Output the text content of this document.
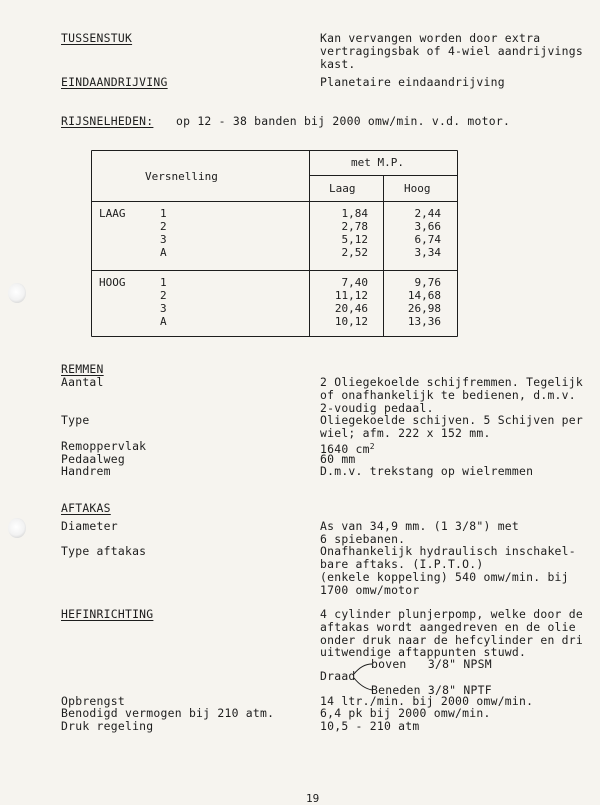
TUSSENSTUK	Kan vervangen worden door extra
vertragingsbak of 4-wiel aandrijvings
kast.
EINDAANDRIJVING	Planetaire eindaandrijving
RIJSNELHEDEN: op 12 - 38 banden bij 2000 omw/min. v.d. motor.
Versnelling
met M.P.
Laag	Hoog
LAAG	1	1,84	2,44
2	2,78	3,66
3	5,12	6,74
A	2,52	3,34
HOOG	1	7,40	9,76
2	11,12	14,68
3	20,46	26,98
A	10,12	13,36
REMMEN
Aantal	2 Oliegekoelde schijfremmen. Tegelijk
of onafhankelijk te bedienen, d.m.v.
2-voudig pedaal.
Type	Oliegekoelde schijven. 5 Schijven per
wiel; afm. 222 x 152 mm.
Remoppervlak	1640 $cm^2$
Pedaalweg	60 mm
Handrem	D.m.v. trekstang op wielremmen
AFTAKAS
Diameter	As van 34,9 mm. (1 3/8") met
6 spiebanen.
Type aftakas	Onafhankelijk hydraulisch inschakel-
bare aftaks. (I.P.T.O.)
(enkele koppeling) 540 omw/min. bij
1700 omw/motor
HEFINRICHTING	4 cylinder plunjerpomp, welke door de
aftakas wordt aangedreven en de olie
onder druk naar de hefcylinder en dri
uitwendige aftappunten stuwd.
boven   3/8" NPSM
Draad
Beneden 3/8" NPTF
Opbrengst	14 ltr./min. bij 2000 omw/min.
Benodigd vermogen bij 210 atm.	6,4 pk bij 2000 omw/min.
Druk regeling	10,5 - 210 atm
19
